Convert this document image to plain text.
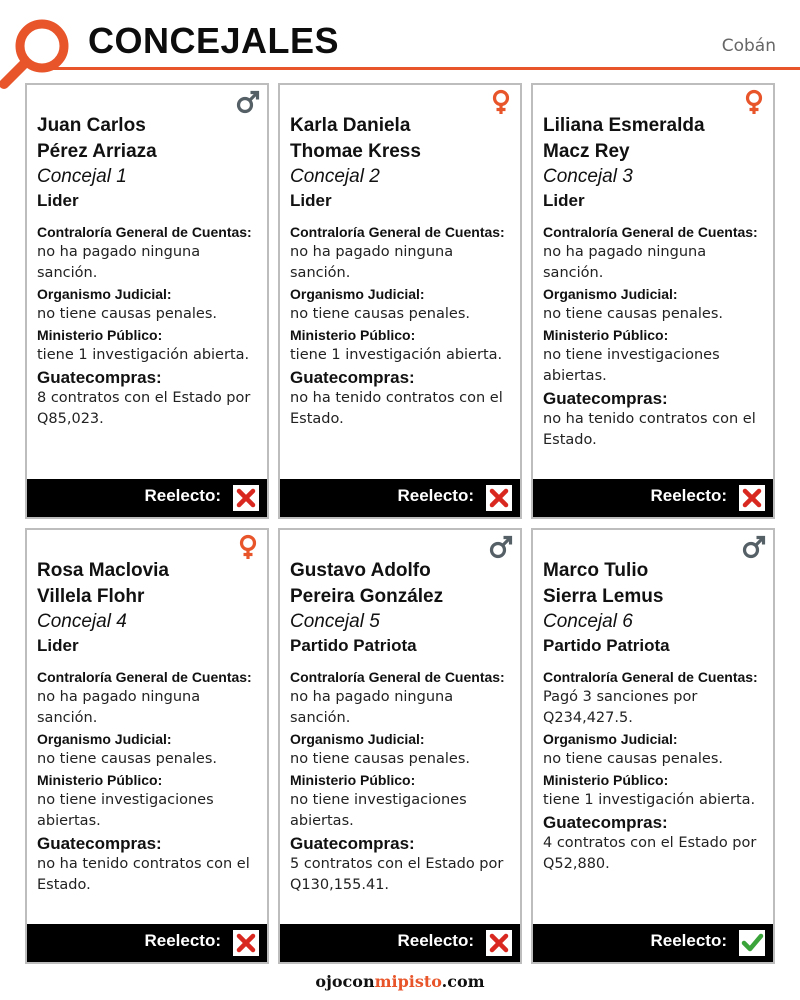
CONCEJALES	Cobán
Juan Carlos
Pérez Arriaza
Concejal 1
Lider
Contraloría General de Cuentas:
no ha pagado ninguna sanción.
Organismo Judicial:
no tiene causas penales.
Ministerio Público:
tiene 1 investigación abierta.
Guatecompras:
8 contratos con el Estado por Q85,023.
Reelecto:
Karla Daniela
Thomae Kress
Concejal 2
Lider
Contraloría General de Cuentas:
no ha pagado ninguna sanción.
Organismo Judicial:
no tiene causas penales.
Ministerio Público:
tiene 1 investigación abierta.
Guatecompras:
no ha tenido contratos con el Estado.
Reelecto:
Liliana Esmeralda
Macz Rey
Concejal 3
Lider
Contraloría General de Cuentas:
no ha pagado ninguna sanción.
Organismo Judicial:
no tiene causas penales.
Ministerio Público:
no tiene investigaciones abiertas.
Guatecompras:
no ha tenido contratos con el Estado.
Reelecto:
Rosa Maclovia
Villela Flohr
Concejal 4
Lider
Contraloría General de Cuentas:
no ha pagado ninguna sanción.
Organismo Judicial:
no tiene causas penales.
Ministerio Público:
no tiene investigaciones abiertas.
Guatecompras:
no ha tenido contratos con el Estado.
Reelecto:
Gustavo Adolfo
Pereira González
Concejal 5
Partido Patriota
Contraloría General de Cuentas:
no ha pagado ninguna sanción.
Organismo Judicial:
no tiene causas penales.
Ministerio Público:
no tiene investigaciones abiertas.
Guatecompras:
5 contratos con el Estado por Q130,155.41.
Reelecto:
Marco Tulio
Sierra Lemus
Concejal 6
Partido Patriota
Contraloría General de Cuentas:
Pagó 3 sanciones por Q234,427.5.
Organismo Judicial:
no tiene causas penales.
Ministerio Público:
tiene 1 investigación abierta.
Guatecompras:
4 contratos con el Estado por Q52,880.
Reelecto:
ojoconmipisto.com
